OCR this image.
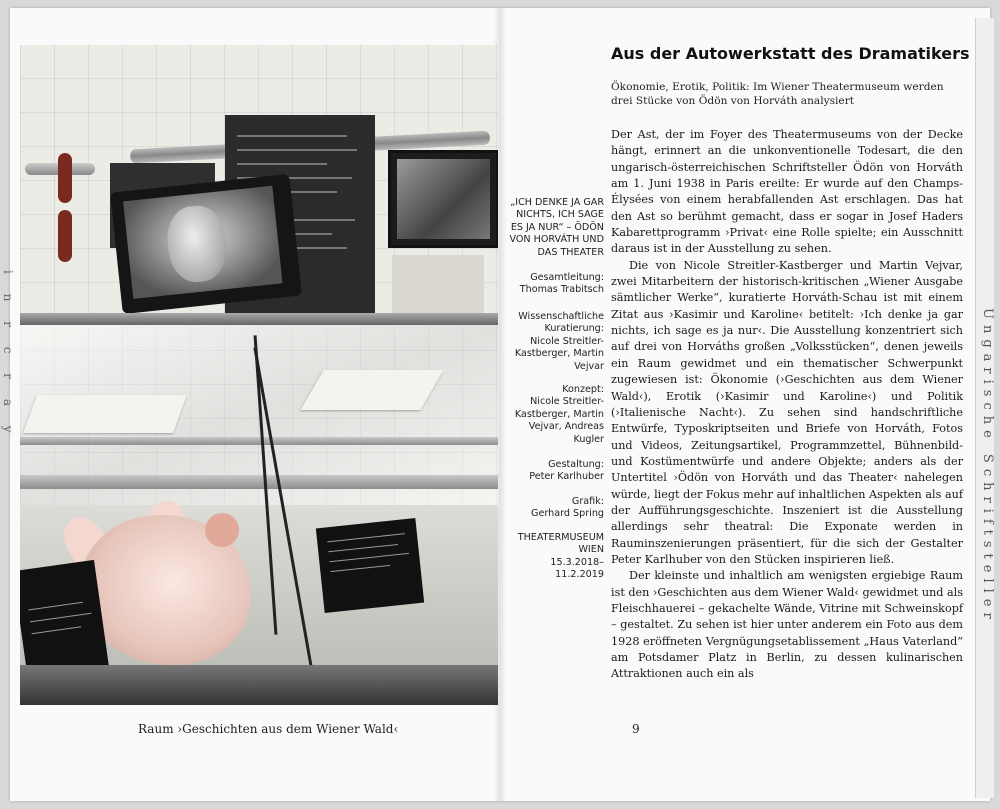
Ungarische Schriftsteller
i n r c r a y
Raum ›Geschichten aus dem Wiener Wald‹

„ICH DENKE JA GAR NICHTS, ICH SAGE ES JA NUR“ – ÖDÖN VON HORVÁTH UND DAS THEATER

Gesamtleitung:
Thomas Trabitsch

Wissenschaftliche Kuratierung:
Nicole Streitler-Kastberger, Martin Vejvar

Konzept:
Nicole Streitler-Kastberger, Martin Vejvar, Andreas Kugler

Gestaltung:
Peter Karlhuber

Grafik:
Gerhard Spring

THEATERMUSEUM WIEN
15.3.2018–11.2.2019

Aus der Autowerkstatt des Dramatikers
Ökonomie, Erotik, Politik: Im Wiener Theatermuseum werden drei Stücke von Ödön von Horváth analysiert

Der Ast, der im Foyer des Theatermuseums von der Decke hängt, erinnert an die unkonventionelle Todesart, die den ungarisch-österreichischen Schriftsteller Ödön von Horváth am 1. Juni 1938 in Paris ereilte: Er wurde auf den Champs-Élysées von einem herabfallenden Ast erschlagen. Das hat den Ast so berühmt gemacht, dass er sogar in Josef Haders Kabarettprogramm ›Privat‹ eine Rolle spielte; ein Ausschnitt daraus ist in der Ausstellung zu sehen.

Die von Nicole Streitler-Kastberger und Martin Vejvar, zwei Mitarbeitern der historisch-kritischen „Wiener Ausgabe sämtlicher Werke“, kuratierte Horváth-Schau ist mit einem Zitat aus ›Kasimir und Karoline‹ betitelt: ›Ich denke ja gar nichts, ich sage es ja nur‹. Die Ausstellung konzentriert sich auf drei von Horváths großen „Volksstücken“, denen jeweils ein Raum gewidmet und ein thematischer Schwerpunkt zugewiesen ist: Ökonomie (›Geschichten aus dem Wiener Wald‹), Erotik (›Kasimir und Karoline‹) und Politik (›Italienische Nacht‹). Zu sehen sind handschriftliche Entwürfe, Typoskriptseiten und Briefe von Horváth, Fotos und Videos, Zeitungsartikel, Programmzettel, Bühnenbild- und Kostümentwürfe und andere Objekte; anders als der Untertitel ›Ödön von Horváth und das Theater‹ nahelegen würde, liegt der Fokus mehr auf inhaltlichen Aspekten als auf der Aufführungsgeschichte. Inszeniert ist die Ausstellung allerdings sehr theatral: Die Exponate werden in Rauminszenierungen präsentiert, für die sich der Gestalter Peter Karlhuber von den Stücken inspirieren ließ.

Der kleinste und inhaltlich am wenigsten ergiebige Raum ist den ›Geschichten aus dem Wiener Wald‹ gewidmet und als Fleischhauerei – gekachelte Wände, Vitrine mit Schweinskopf – gestaltet. Zu sehen ist hier unter anderem ein Foto aus dem 1928 eröffneten Vergnügungsetablissement „Haus Vaterland“ am Potsdamer Platz in Berlin, zu dessen kulinarischen Attraktionen auch ein als

9
